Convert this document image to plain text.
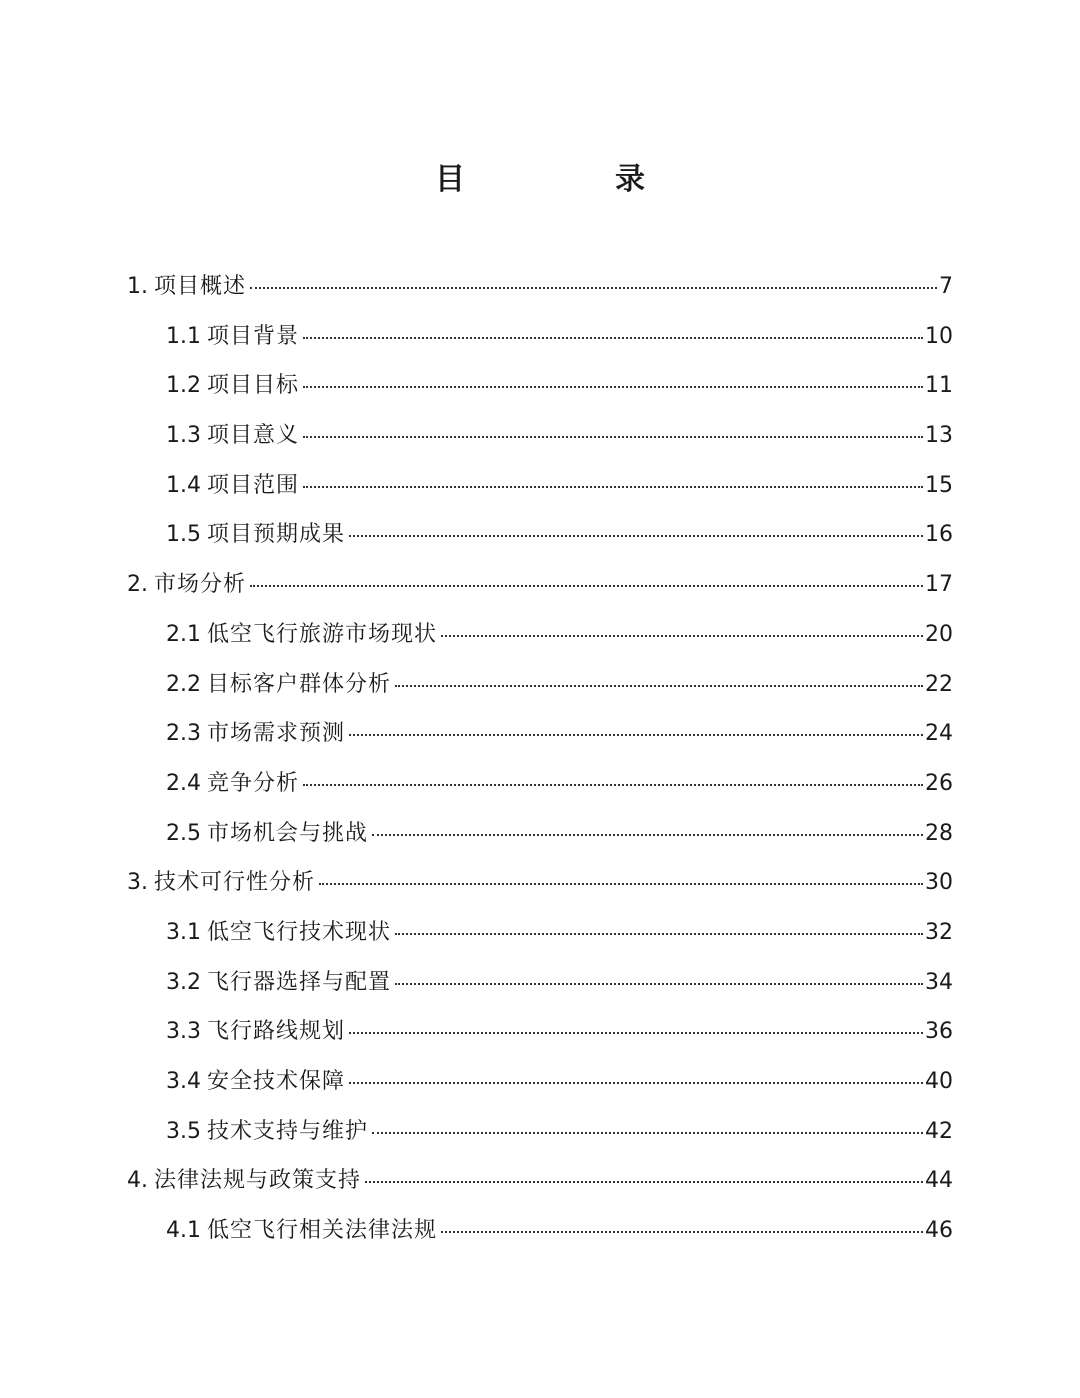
目　录
1. 项目概述	7
1.1 项目背景	10
1.2 项目目标	11
1.3 项目意义	13
1.4 项目范围	15
1.5 项目预期成果	16
2. 市场分析	17
2.1 低空飞行旅游市场现状	20
2.2 目标客户群体分析	22
2.3 市场需求预测	24
2.4 竞争分析	26
2.5 市场机会与挑战	28
3. 技术可行性分析	30
3.1 低空飞行技术现状	32
3.2 飞行器选择与配置	34
3.3 飞行路线规划	36
3.4 安全技术保障	40
3.5 技术支持与维护	42
4. 法律法规与政策支持	44
4.1 低空飞行相关法律法规	46
